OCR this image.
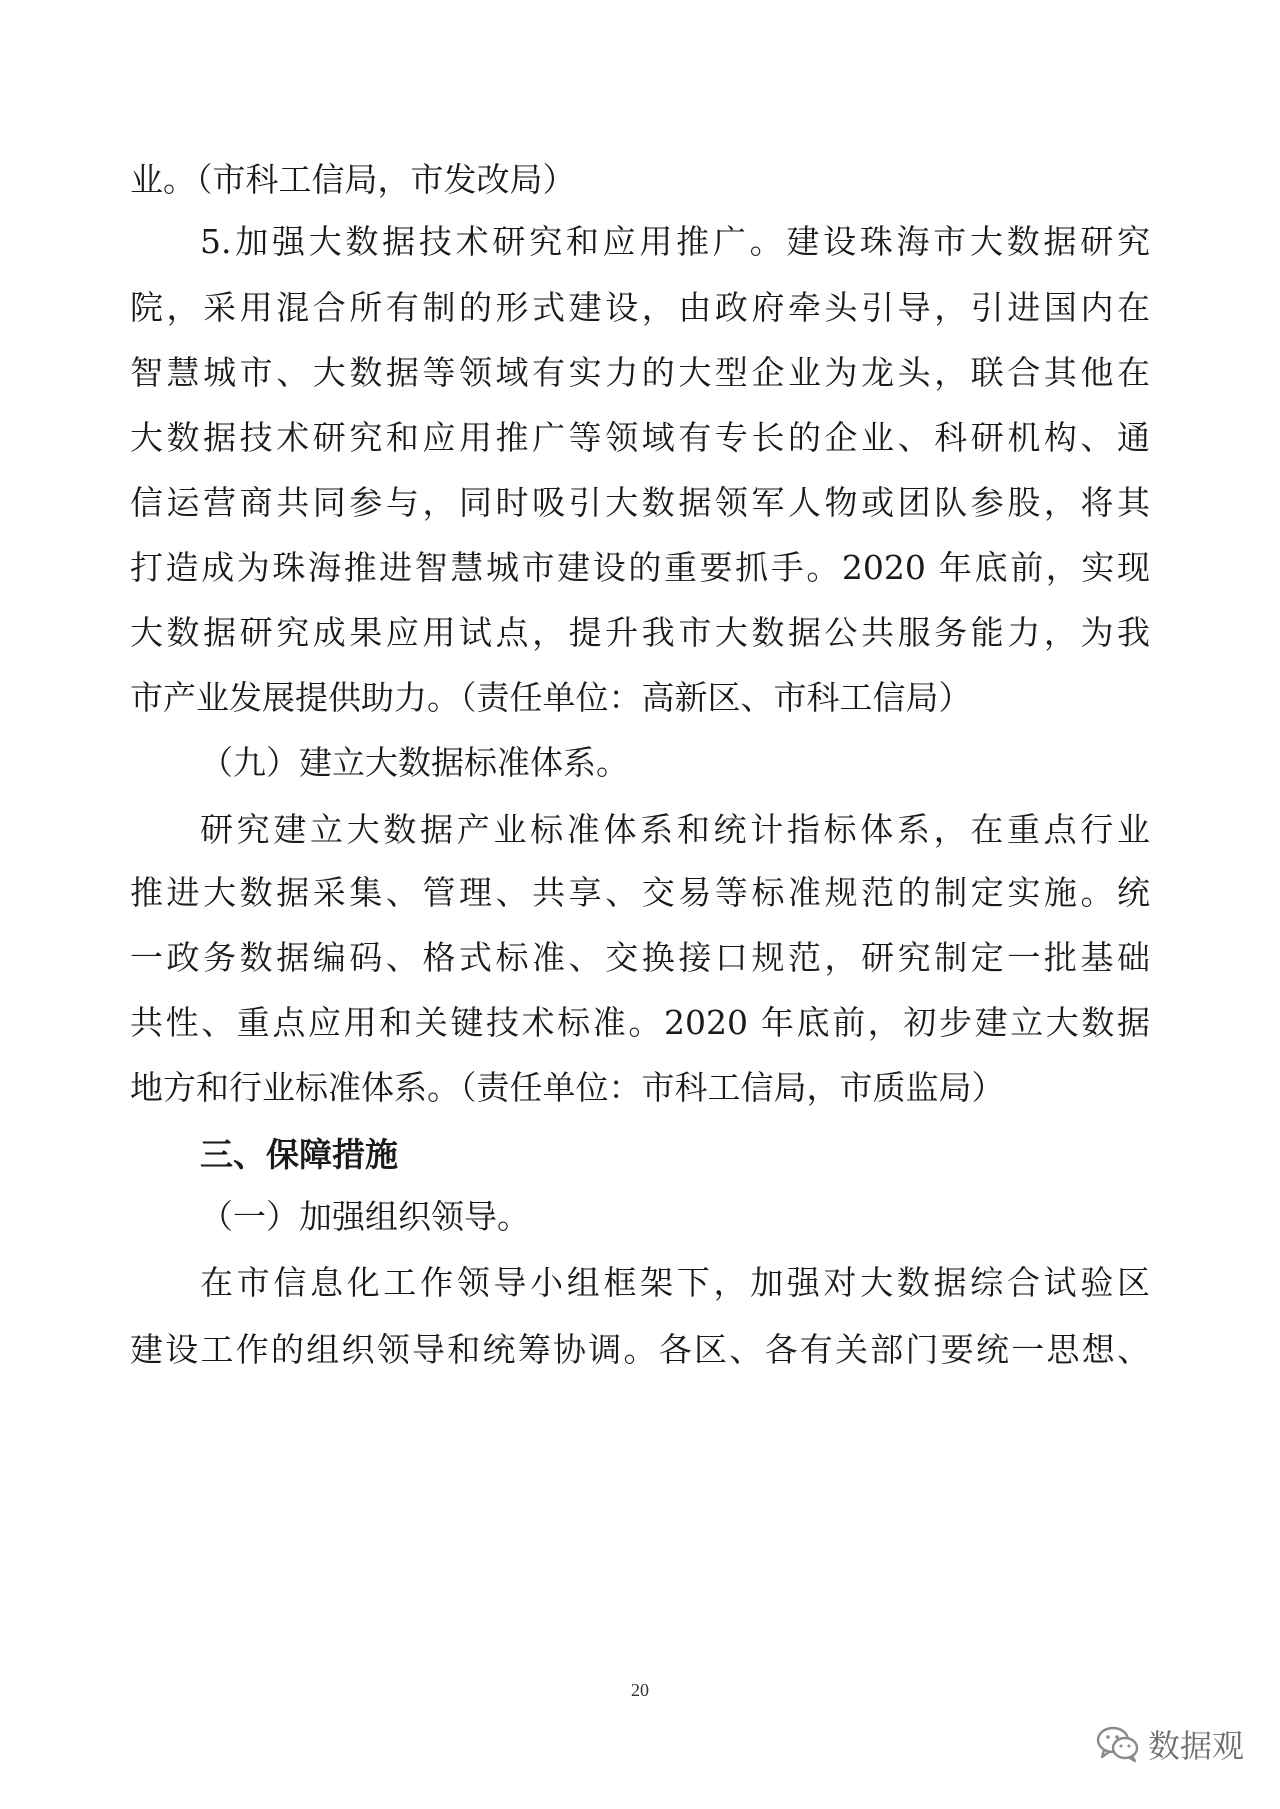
业。（市科工信局，市发改局）
5.加强大数据技术研究和应用推广。建设珠海市大数据研究
院，采用混合所有制的形式建设，由政府牵头引导，引进国内在
智慧城市、大数据等领域有实力的大型企业为龙头，联合其他在
大数据技术研究和应用推广等领域有专长的企业、科研机构、通
信运营商共同参与，同时吸引大数据领军人物或团队参股，将其
打造成为珠海推进智慧城市建设的重要抓手。2020 年底前，实现
大数据研究成果应用试点，提升我市大数据公共服务能力，为我
市产业发展提供助力。（责任单位：高新区、市科工信局）
（九）建立大数据标准体系。
研究建立大数据产业标准体系和统计指标体系，在重点行业
推进大数据采集、管理、共享、交易等标准规范的制定实施。统
一政务数据编码、格式标准、交换接口规范，研究制定一批基础
共性、重点应用和关键技术标准。2020 年底前，初步建立大数据
地方和行业标准体系。（责任单位：市科工信局，市质监局）
三、保障措施
（一）加强组织领导。
在市信息化工作领导小组框架下，加强对大数据综合试验区
建设工作的组织领导和统筹协调。各区、各有关部门要统一思想、
20
数据观
